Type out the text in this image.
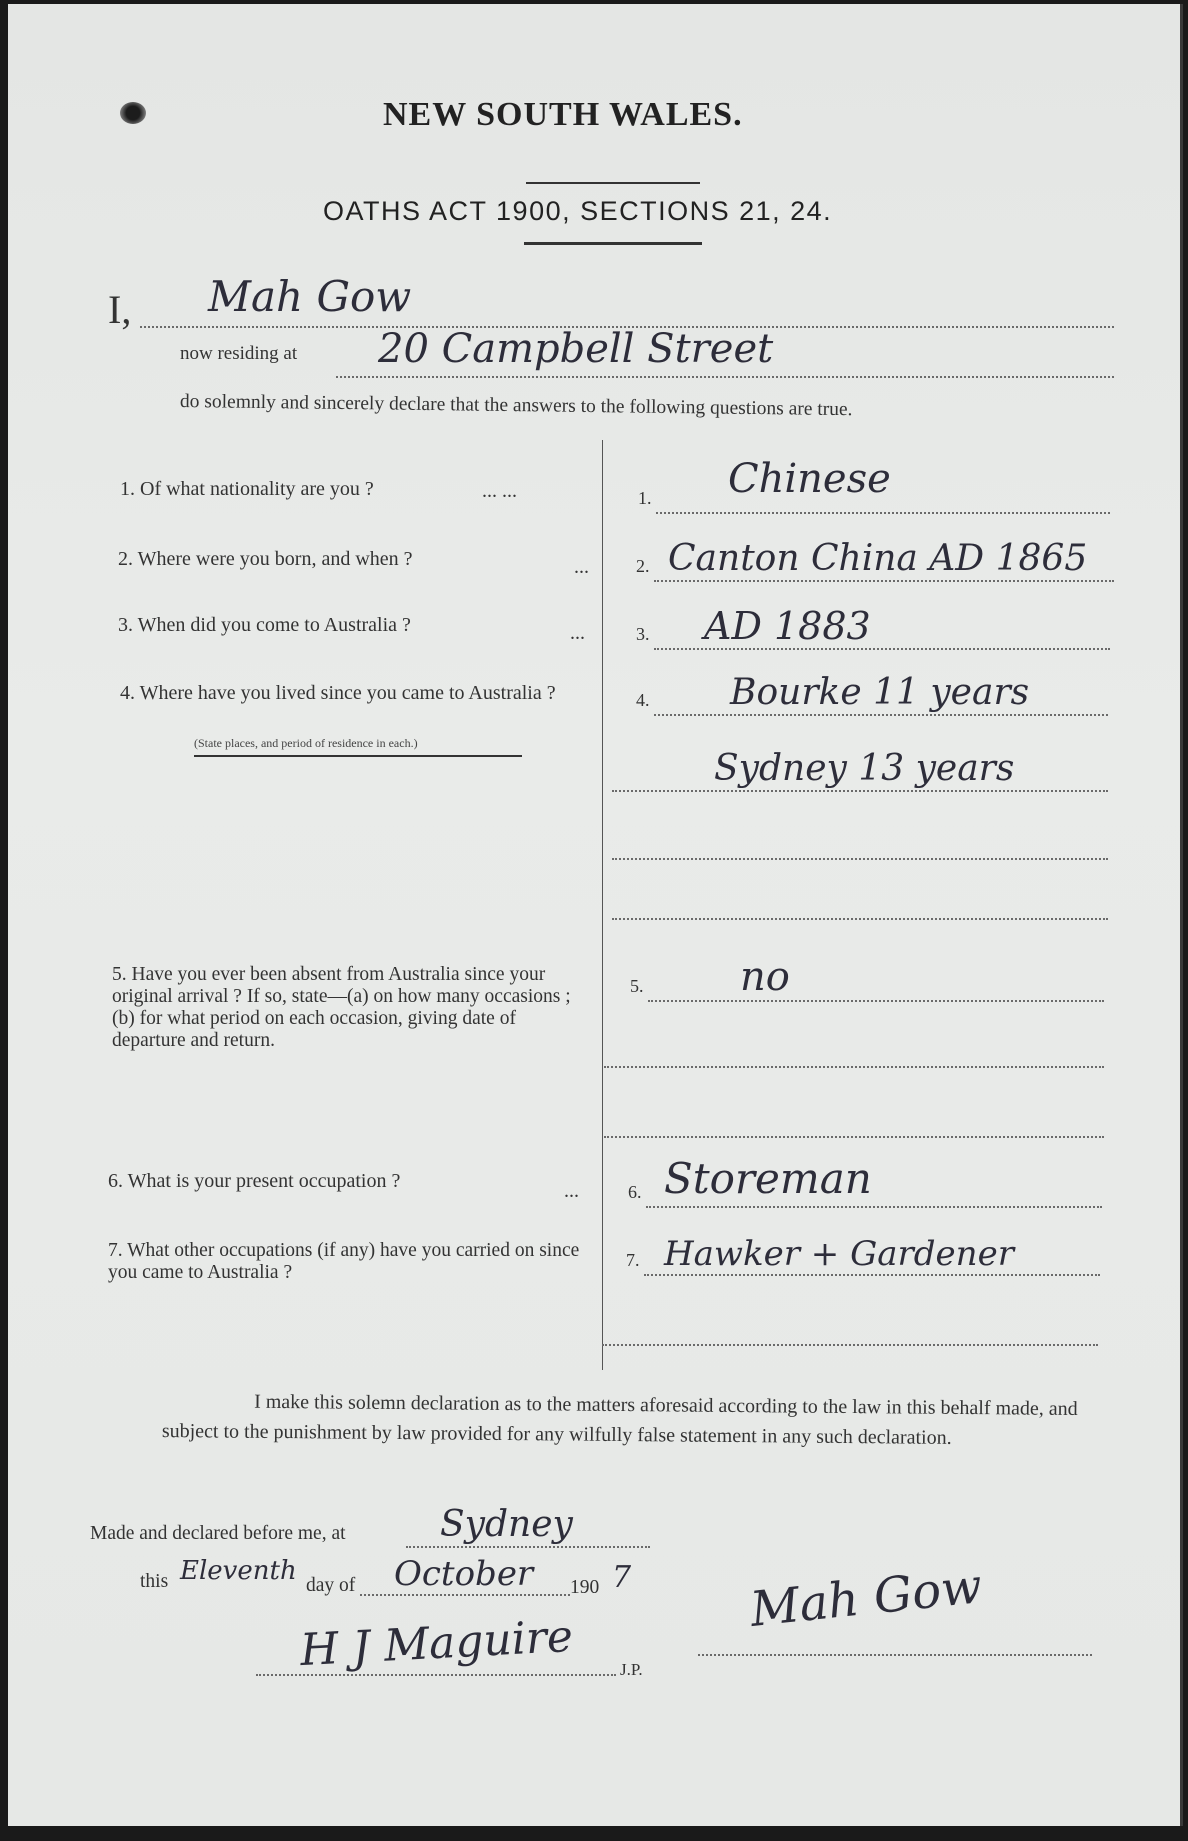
NEW SOUTH WALES.
OATHS ACT 1900, SECTIONS 21, 24.
I, Mah Gow
now residing at 20 Campbell Street
do solemnly and sincerely declare that the answers to the following questions are true.
1. Of what nationality are you ?	... ...	1. Chinese
2. Where were you born, and when ?	...	2. Canton China AD 1865
3. When did you come to Australia ?	...	3. AD 1883
4. Where have you lived since you came to Australia ?
(State places, and period of residence in each.)
4. Bourke 11 years
Sydney 13 years
5. Have you ever been absent from Australia since your original arrival ? If so, state—(a) on how many occasions ; (b) for what period on each occasion, giving date of departure and return.
5. no
6. What is your present occupation ?	...	6. Storeman
7. What other occupations (if any) have you carried on since you came to Australia ?
7. Hawker + Gardener
I make this solemn declaration as to the matters aforesaid according to the law in this behalf made, and subject to the punishment by law provided for any wilfully false statement in any such declaration.
Made and declared before me, at	Sydney
this Eleventh day of October 190 7
H J Maguire	J.P.
Mah Gow
